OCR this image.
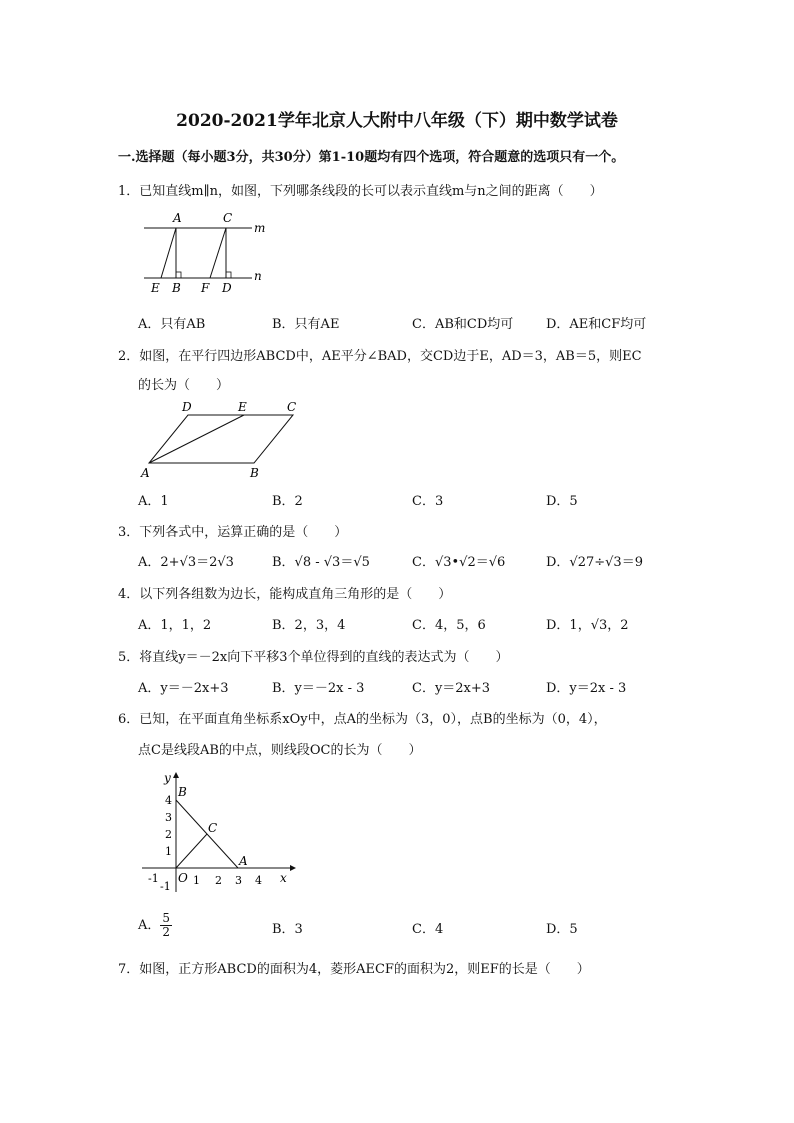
2020-2021学年北京人大附中八年级（下）期中数学试卷
一.选择题（每小题3分，共30分）第1-10题均有四个选项，符合题意的选项只有一个。
1．已知直线m∥n，如图，下列哪条线段的长可以表示直线m与n之间的距离（　　）
A	C
m
n
E B F D
A．只有AB	B．只有AE	C．AB和CD均可	D．AE和CF均可
2．如图，在平行四边形ABCD中，AE平分∠BAD，交CD边于E，AD＝3，AB＝5，则EC
的长为（　　）
D	E	C
A	B
A．1	B．2	C．3	D．5
3．下列各式中，运算正确的是（　　）
A．2+√3＝2√3	B．√8 - √3＝√5	C．√3•√2＝√6	D．√27÷√3＝9
4．以下列各组数为边长，能构成直角三角形的是（　　）
A．1，1，2	B．2，3，4	C．4，5，6	D．1，√3，2
5．将直线y＝－2x向下平移3个单位得到的直线的表达式为（　　）
A．y＝－2x+3	B．y＝－2x - 3	C．y＝2x+3	D．y＝2x - 3
6．已知，在平面直角坐标系xOy中，点A的坐标为（3，0），点B的坐标为（0，4），
点C是线段AB的中点，则线段OC的长为（　　）
y
x
B
C
A
O
-1	1 2 3 4
4
3
2
1
-1
A． $\frac{5}{2}$	B．3	C．4	D．5
7．如图，正方形ABCD的面积为4，菱形AECF的面积为2，则EF的长是（　　）
